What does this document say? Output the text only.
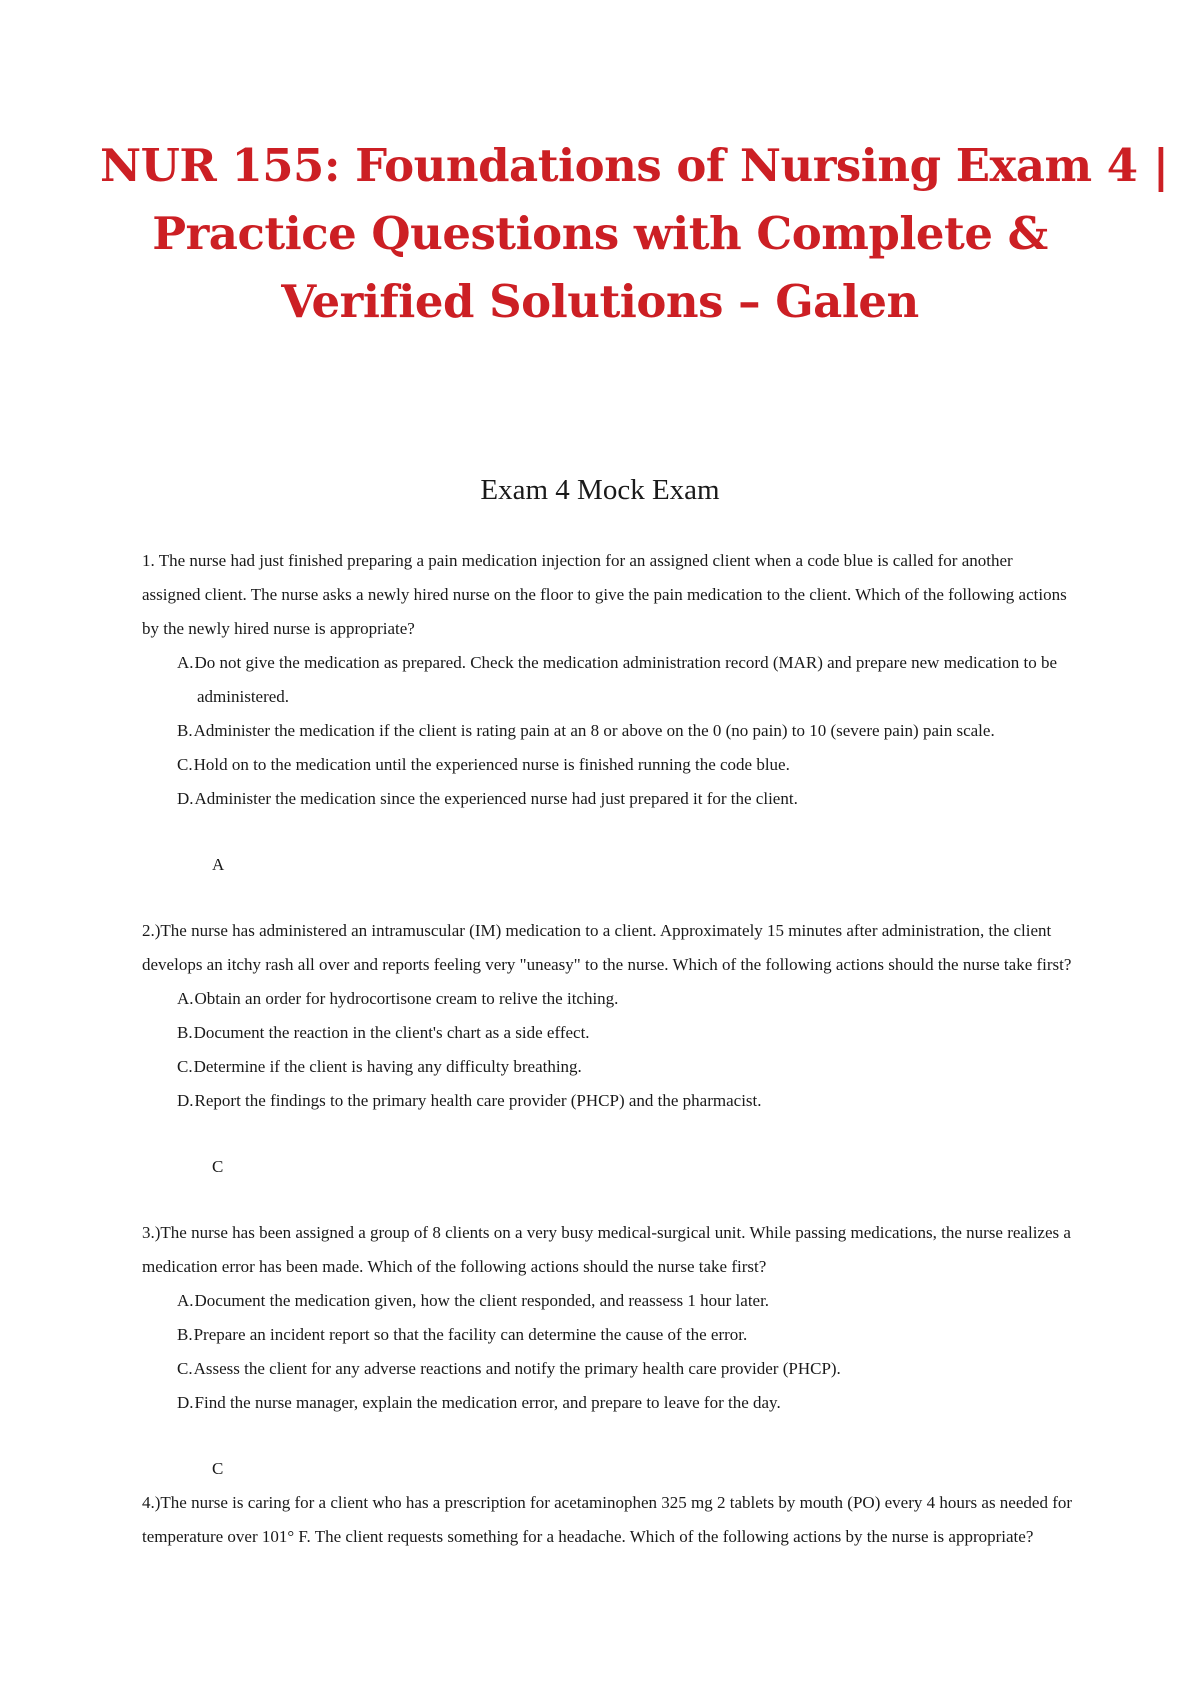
NUR 155: Foundations of Nursing Exam 4 |
Practice Questions with Complete &
Verified Solutions – Galen
Exam 4 Mock Exam

1. The nurse had just finished preparing a pain medication injection for an assigned client when a code blue is called for another assigned client. The nurse asks a newly hired nurse on the floor to give the pain medication to the client. Which of the following actions by the newly hired nurse is appropriate?

A.Do not give the medication as prepared. Check the medication administration record (MAR) and prepare new medication to be administered.
B.Administer the medication if the client is rating pain at an 8 or above on the 0 (no pain) to 10 (severe pain) pain scale.
C.Hold on to the medication until the experienced nurse is finished running the code blue.
D.Administer the medication since the experienced nurse had just prepared it for the client.
A

2.)The nurse has administered an intramuscular (IM) medication to a client. Approximately 15 minutes after administration, the client develops an itchy rash all over and reports feeling very "uneasy" to the nurse. Which of the following actions should the nurse take first?

A.Obtain an order for hydrocortisone cream to relive the itching.
B.Document the reaction in the client's chart as a side effect.
C.Determine if the client is having any difficulty breathing.
D.Report the findings to the primary health care provider (PHCP) and the pharmacist.
C

3.)The nurse has been assigned a group of 8 clients on a very busy medical-surgical unit. While passing medications, the nurse realizes a medication error has been made. Which of the following actions should the nurse take first?

A.Document the medication given, how the client responded, and reassess 1 hour later.
B.Prepare an incident report so that the facility can determine the cause of the error.
C.Assess the client for any adverse reactions and notify the primary health care provider (PHCP).
D.Find the nurse manager, explain the medication error, and prepare to leave for the day.
C

4.)The nurse is caring for a client who has a prescription for acetaminophen 325 mg 2 tablets by mouth (PO) every 4 hours as needed for temperature over 101° F. The client requests something for a headache. Which of the following actions by the nurse is appropriate?
